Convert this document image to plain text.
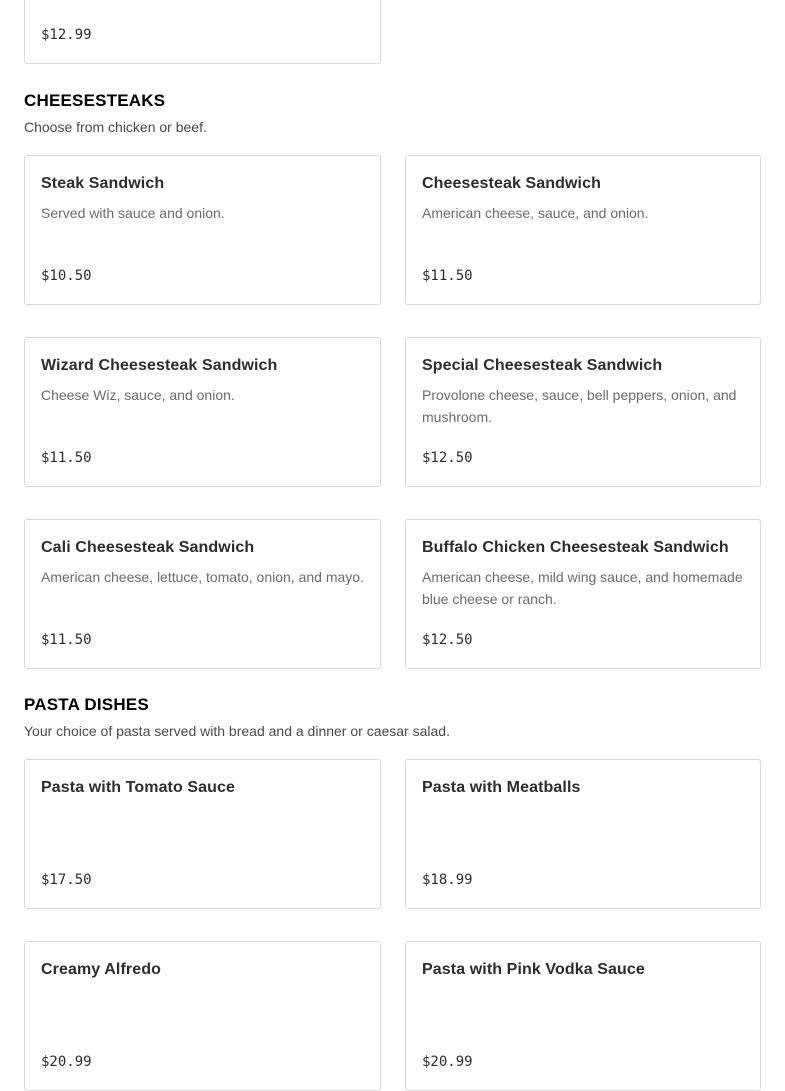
$12.99
CHEESESTEAKS
Choose from chicken or beef.
Steak Sandwich
Served with sauce and onion.
$10.50
Cheesesteak Sandwich
American cheese, sauce, and onion.
$11.50
Wizard Cheesesteak Sandwich
Cheese Wiz, sauce, and onion.
$11.50
Special Cheesesteak Sandwich
Provolone cheese, sauce, bell peppers, onion, and mushroom.
$12.50
Cali Cheesesteak Sandwich
American cheese, lettuce, tomato, onion, and mayo.
$11.50
Buffalo Chicken Cheesesteak Sandwich
American cheese, mild wing sauce, and homemade blue cheese or ranch.
$12.50
PASTA DISHES
Your choice of pasta served with bread and a dinner or caesar salad.
Pasta with Tomato Sauce
$17.50
Pasta with Meatballs
$18.99
Creamy Alfredo
$20.99
Pasta with Pink Vodka Sauce
$20.99
